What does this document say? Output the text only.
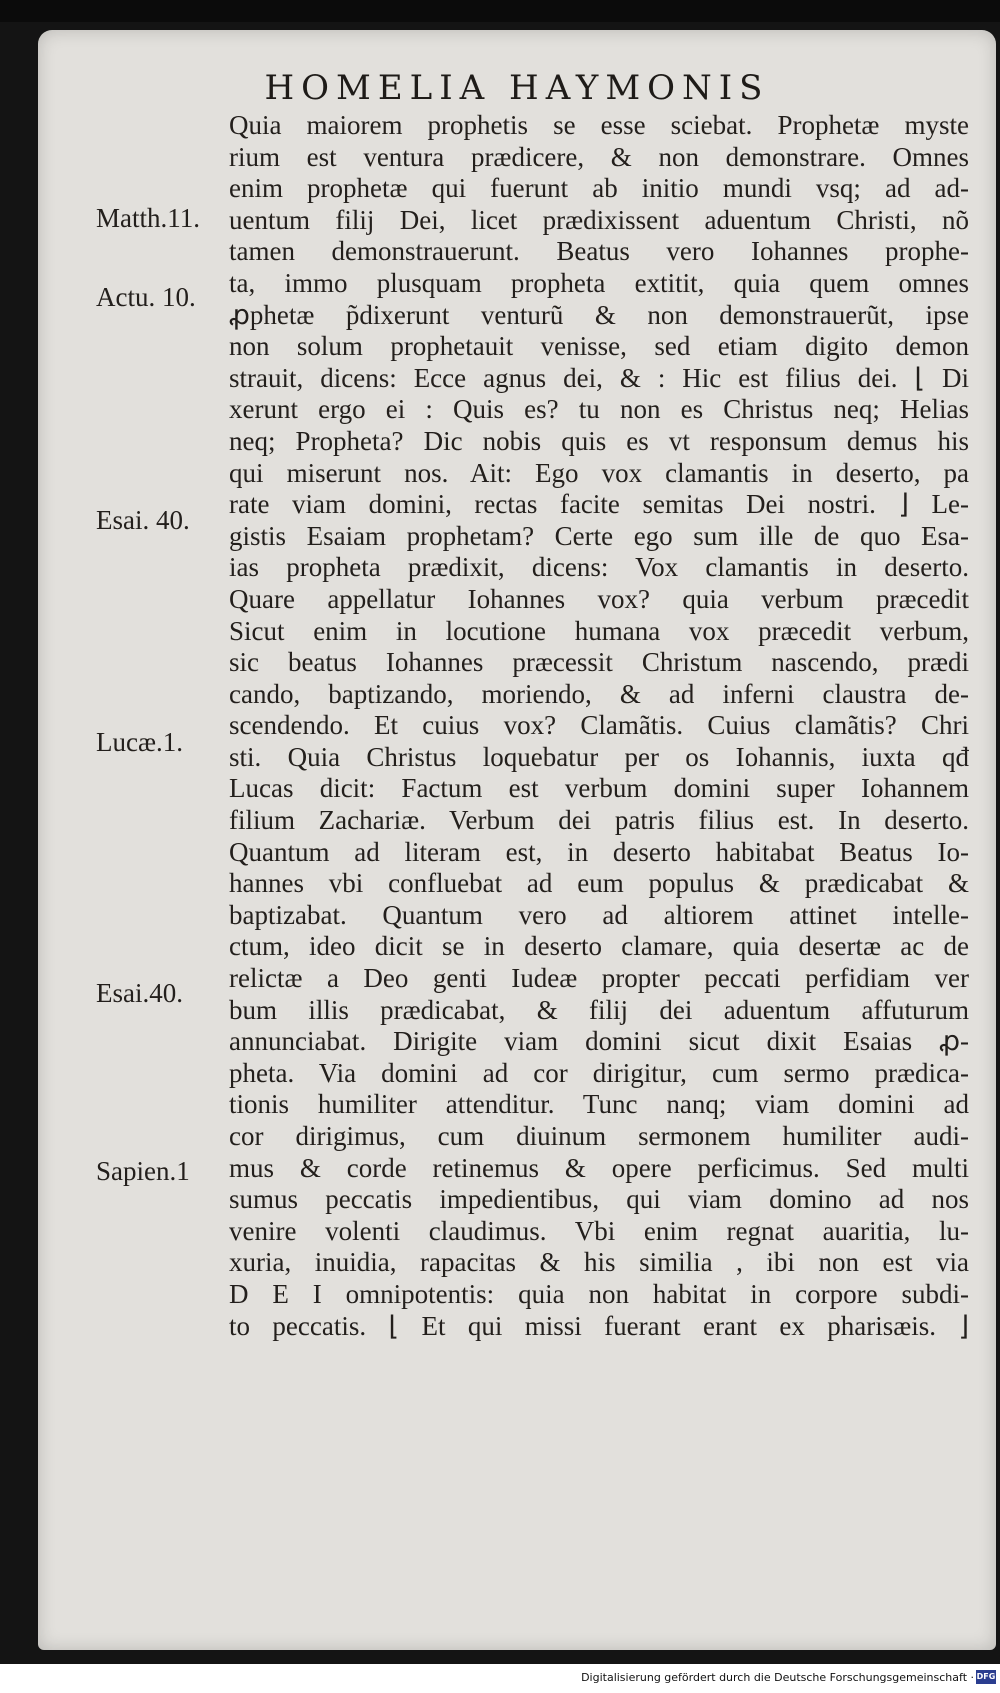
HOMELIA HAYMONIS
Matth.11.
Actu. 10.
Esai. 40.
Lucæ.1.
Esai.40.
Sapien.1
Quia maiorem prophetis se esse sciebat. Prophetæ myste
rium est ventura prædicere, & non demonstrare. Omnes
enim prophetæ qui fuerunt ab initio mundi vsq; ad ad-
uentum filij Dei, licet prædixissent aduentum Christi, nõ
tamen demonstrauerunt. Beatus vero Iohannes prophe-
ta, immo plusquam propheta extitit, quia quem omnes
ꝓphetæ p̃dixerunt venturũ & non demonstrauerũt, ipse
non solum prophetauit venisse, sed etiam digito demon
strauit, dicens: Ecce agnus dei, & : Hic est filius dei. ⌊ Di
xerunt ergo ei : Quis es? tu non es Christus neq; Helias
neq; Propheta? Dic nobis quis es vt responsum demus his
qui miserunt nos. Ait: Ego vox clamantis in deserto, pa
rate viam domini, rectas facite semitas Dei nostri. ⌋ Le-
gistis Esaiam prophetam? Certe ego sum ille de quo Esa-
ias propheta prædixit, dicens: Vox clamantis in deserto.
Quare appellatur Iohannes vox? quia verbum præcedit
Sicut enim in locutione humana vox præcedit verbum,
sic beatus Iohannes præcessit Christum nascendo, prædi
cando, baptizando, moriendo, & ad inferni claustra de-
scendendo. Et cuius vox? Clamãtis. Cuius clamãtis? Chri
sti. Quia Christus loquebatur per os Iohannis, iuxta qđ
Lucas dicit: Factum est verbum domini super Iohannem
filium Zachariæ. Verbum dei patris filius est. In deserto.
Quantum ad literam est, in deserto habitabat Beatus Io-
hannes vbi confluebat ad eum populus & prædicabat &
baptizabat. Quantum vero ad altiorem attinet intelle-
ctum, ideo dicit se in deserto clamare, quia desertæ ac de
relictæ a Deo genti Iudeæ propter peccati perfidiam ver
bum illis prædicabat, & filij dei aduentum affuturum
annunciabat. Dirigite viam domini sicut dixit Esaias ꝓ-
pheta. Via domini ad cor dirigitur, cum sermo prædica-
tionis humiliter attenditur. Tunc nanq; viam domini ad
cor dirigimus, cum diuinum sermonem humiliter audi-
mus & corde retinemus & opere perficimus. Sed multi
sumus peccatis impedientibus, qui viam domino ad nos
venire volenti claudimus. Vbi enim regnat auaritia, lu-
xuria, inuidia, rapacitas & his similia , ibi non est via
D E I omnipotentis: quia non habitat in corpore subdi-
to peccatis. ⌊ Et qui missi fuerant erant ex pharisæis. ⌋
Digitalisierung gefördert durch die Deutsche Forschungsgemeinschaft · DFG
